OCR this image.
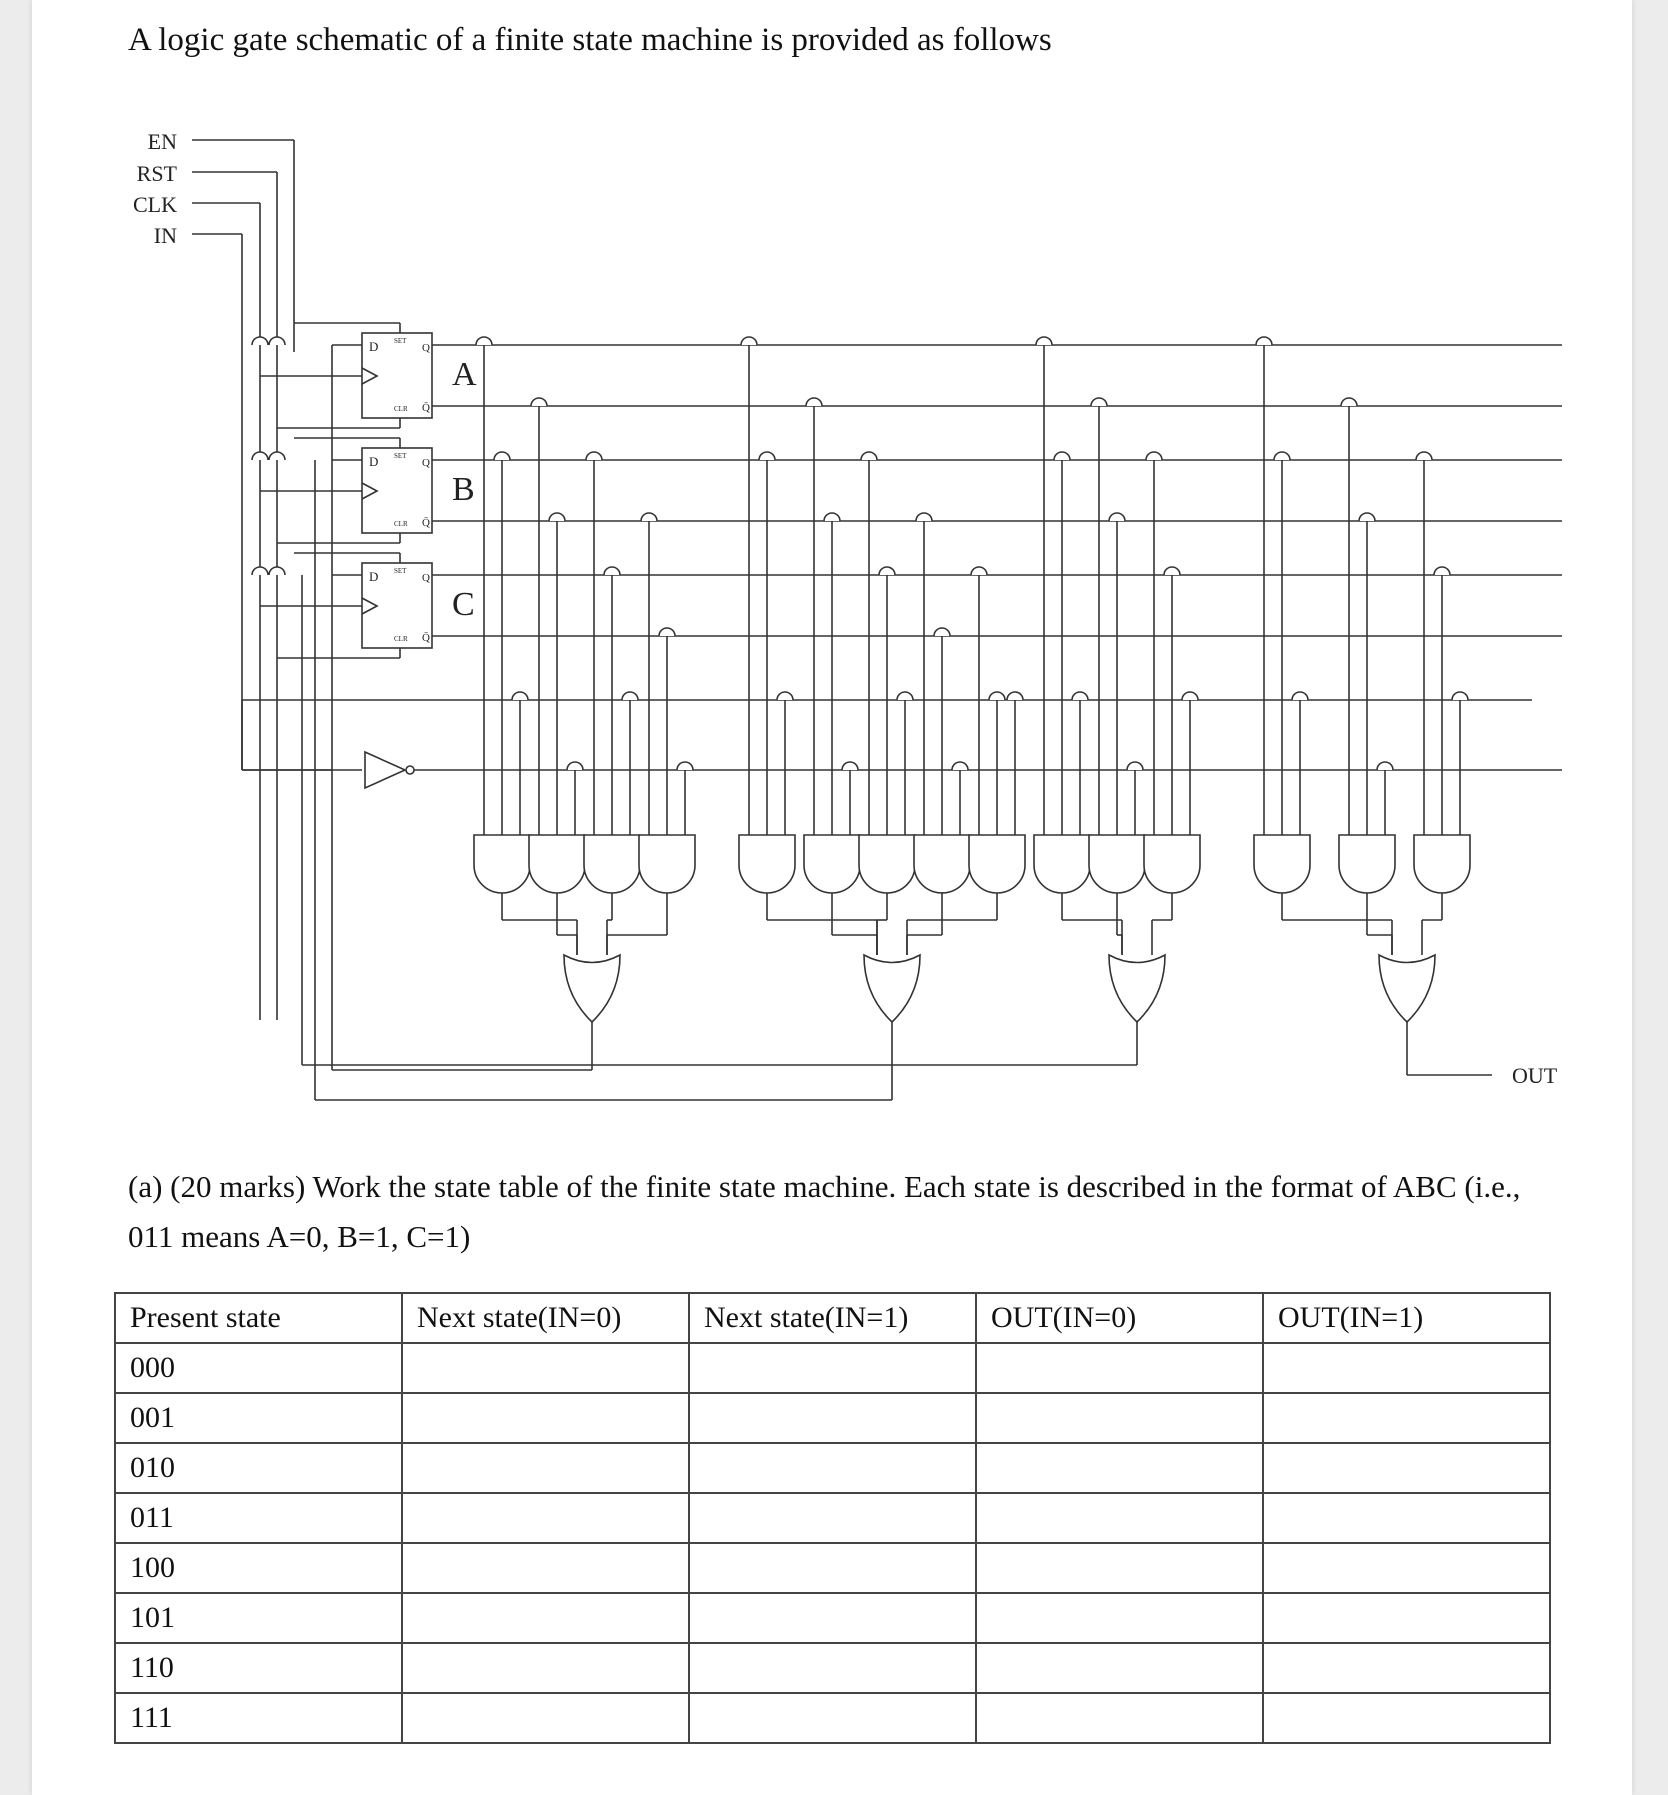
A logic gate schematic of a finite state machine is provided as follows
EN
RST
CLK
IN
D SET
Q
CLR Q̄
A
D SET
Q
CLR Q̄
B
D SET
Q
CLR Q̄
C
OUT
(a) (20 marks) Work the state table of the finite state machine. Each state is described in the format of ABC (i.e., 011 means A=0, B=1, C=1)
Present state	Next state(IN=0)	Next state(IN=1)	OUT(IN=0)	OUT(IN=1)
000				
001				
010				
011				
100				
101				
110				
111				
